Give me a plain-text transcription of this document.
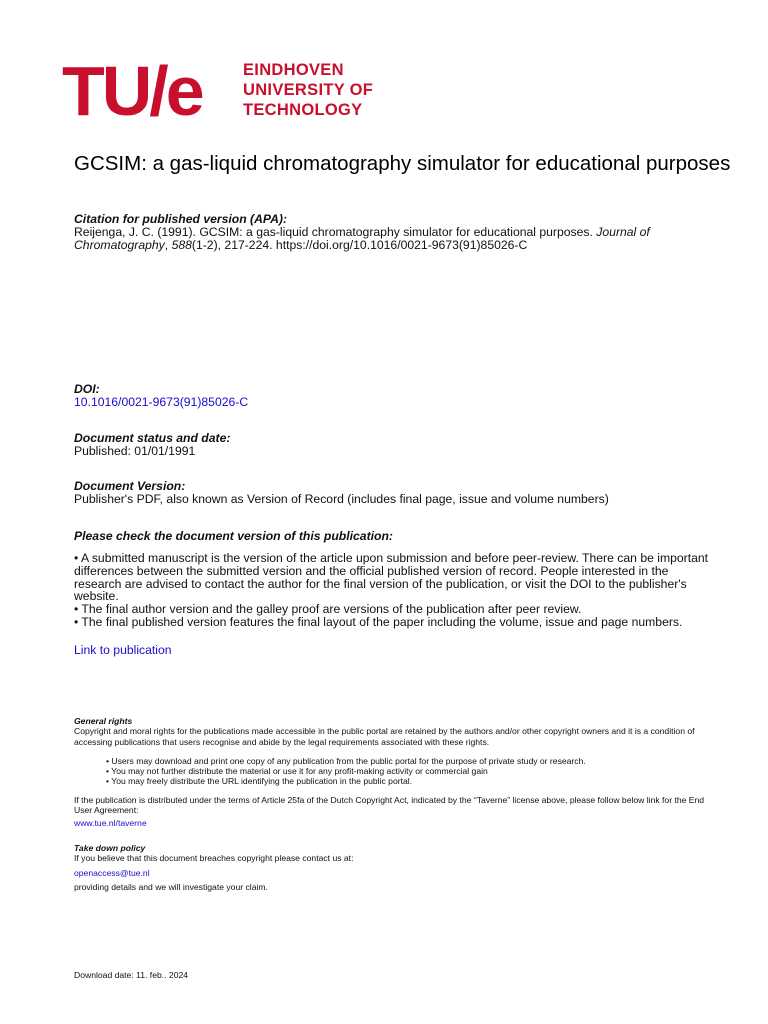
TU/e	EINDHOVEN
UNIVERSITY OF
TECHNOLOGY
GCSIM: a gas-liquid chromatography simulator for educational purposes
Citation for published version (APA):
Reijenga, J. C. (1991). GCSIM: a gas-liquid chromatography simulator for educational purposes. Journal of Chromatography, 588(1-2), 217-224. https://doi.org/10.1016/0021-9673(91)85026-C
DOI:
10.1016/0021-9673(91)85026-C
Document status and date:
Published: 01/01/1991
Document Version:
Publisher's PDF, also known as Version of Record (includes final page, issue and volume numbers)
Please check the document version of this publication:

• A submitted manuscript is the version of the article upon submission and before peer-review. There can be important differences between the submitted version and the official published version of record. People interested in the research are advised to contact the author for the final version of the publication, or visit the DOI to the publisher's website.

• The final author version and the galley proof are versions of the publication after peer review.

• The final published version features the final layout of the paper including the volume, issue and page numbers.

Link to publication
General rights
Copyright and moral rights for the publications made accessible in the public portal are retained by the authors and/or other copyright owners and it is a condition of accessing publications that users recognise and abide by the legal requirements associated with these rights.
• Users may download and print one copy of any publication from the public portal for the purpose of private study or research.
• You may not further distribute the material or use it for any profit-making activity or commercial gain
• You may freely distribute the URL identifying the publication in the public portal.
If the publication is distributed under the terms of Article 25fa of the Dutch Copyright Act, indicated by the “Taverne” license above, please follow below link for the End User Agreement:
www.tue.nl/taverne
Take down policy
If you believe that this document breaches copyright please contact us at:
openaccess@tue.nl
providing details and we will investigate your claim.
Download date: 11. feb.. 2024
